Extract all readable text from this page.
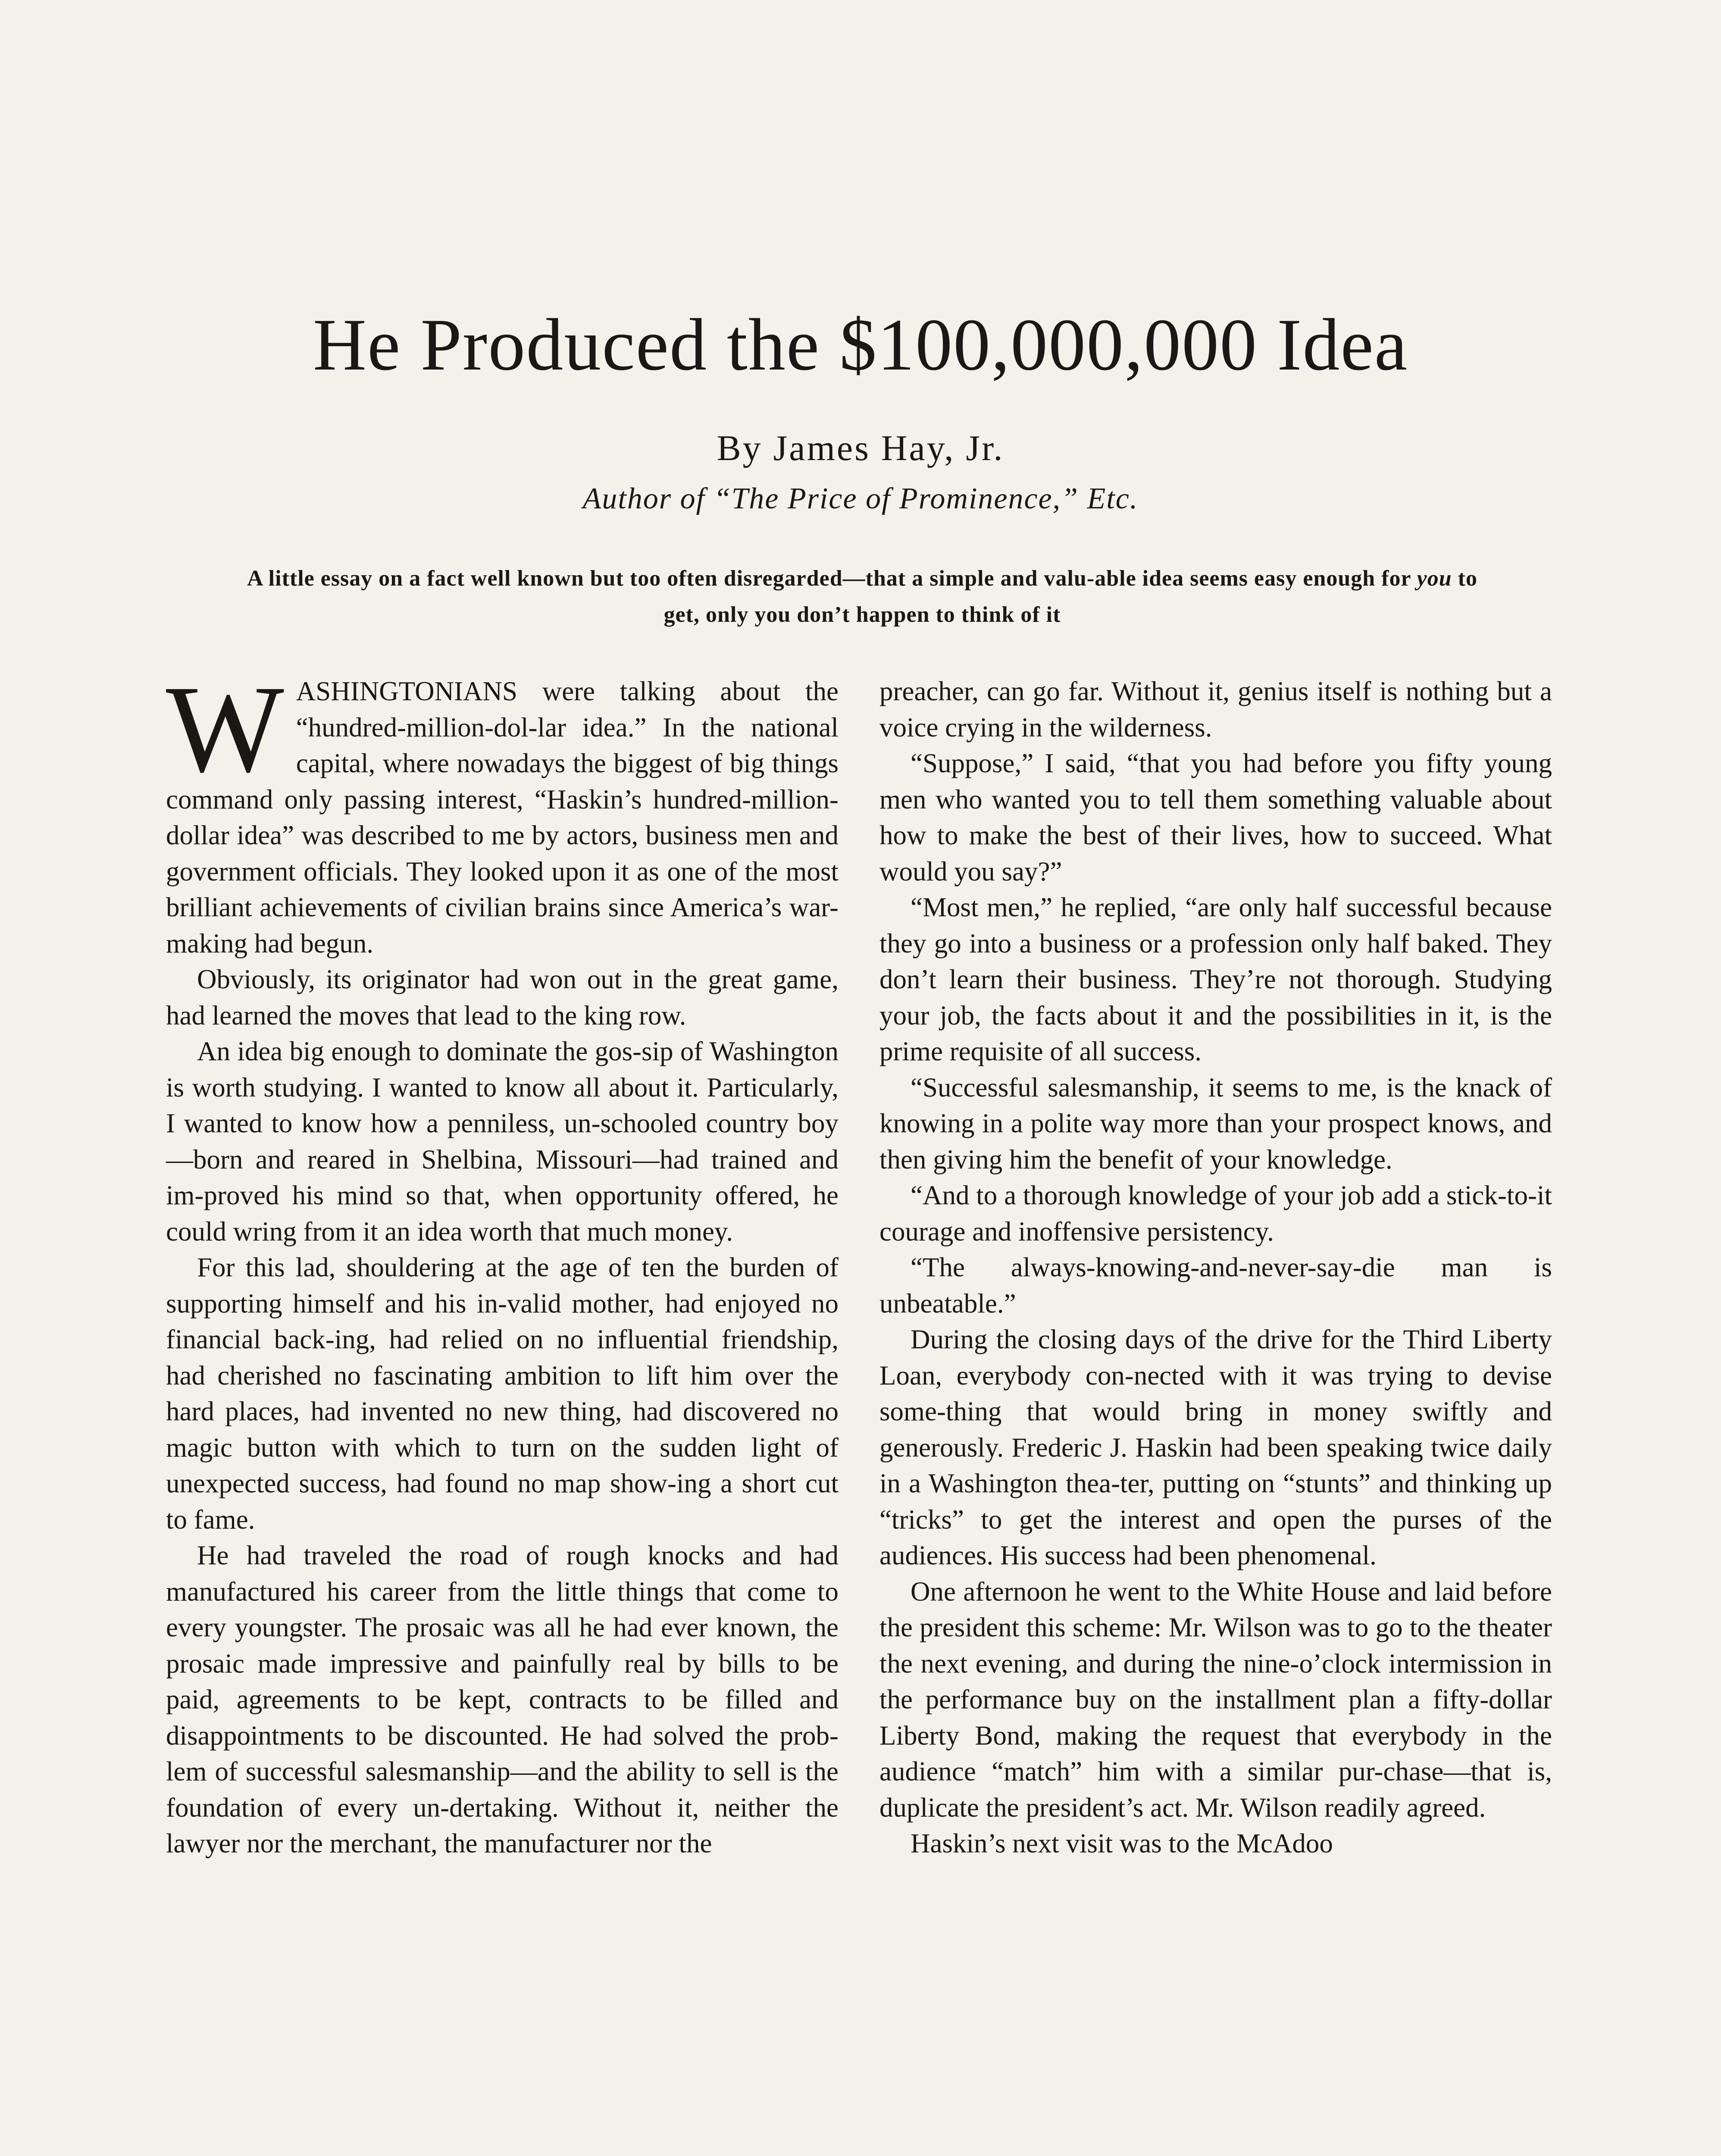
He Produced the $100,000,000 Idea
By James Hay, Jr.
Author of “The Price of Prominence,” Etc.
A little essay on a fact well known but too often disregarded—that a simple and valu-able idea seems easy enough for you to get, only you don’t happen to think of it

WASHINGTONIANS were talking about the “hundred-million-dol-lar idea.” In the national capital, where nowadays the biggest of big things command only passing interest, “Haskin’s hundred-million-dollar idea” was described to me by actors, business men and government officials. They looked upon it as one of the most brilliant achievements of civilian brains since America’s war-making had begun.

Obviously, its originator had won out in the great game, had learned the moves that lead to the king row.

An idea big enough to dominate the gos-sip of Washington is worth studying. I wanted to know all about it. Particularly, I wanted to know how a penniless, un-schooled country boy—born and reared in Shelbina, Missouri—had trained and im-proved his mind so that, when opportunity offered, he could wring from it an idea worth that much money.

For this lad, shouldering at the age of ten the burden of supporting himself and his in-valid mother, had enjoyed no financial back-ing, had relied on no influential friendship, had cherished no fascinating ambition to lift him over the hard places, had invented no new thing, had discovered no magic button with which to turn on the sudden light of unexpected success, had found no map show-ing a short cut to fame.

He had traveled the road of rough knocks and had manufactured his career from the little things that come to every youngster. The prosaic was all he had ever known, the prosaic made impressive and painfully real by bills to be paid, agreements to be kept, contracts to be filled and disappointments to be discounted. He had solved the prob-lem of successful salesmanship—and the ability to sell is the foundation of every un-dertaking. Without it, neither the lawyer nor the merchant, the manufacturer nor the

preacher, can go far. Without it, genius itself is nothing but a voice crying in the wilderness.

“Suppose,” I said, “that you had before you fifty young men who wanted you to tell them something valuable about how to make the best of their lives, how to succeed. What would you say?”

“Most men,” he replied, “are only half successful because they go into a business or a profession only half baked. They don’t learn their business. They’re not thorough. Studying your job, the facts about it and the possibilities in it, is the prime requisite of all success.

“Successful salesmanship, it seems to me, is the knack of knowing in a polite way more than your prospect knows, and then giving him the benefit of your knowledge.

“And to a thorough knowledge of your job add a stick-to-it courage and inoffensive persistency.

“The always-knowing-and-never-say-die man is unbeatable.”

During the closing days of the drive for the Third Liberty Loan, everybody con-nected with it was trying to devise some-thing that would bring in money swiftly and generously. Frederic J. Haskin had been speaking twice daily in a Washington thea-ter, putting on “stunts” and thinking up “tricks” to get the interest and open the purses of the audiences. His success had been phenomenal.

One afternoon he went to the White House and laid before the president this scheme: Mr. Wilson was to go to the theater the next evening, and during the nine-o’clock intermission in the performance buy on the installment plan a fifty-dollar Liberty Bond, making the request that everybody in the audience “match” him with a similar pur-chase—that is, duplicate the president’s act. Mr. Wilson readily agreed.

Haskin’s next visit was to the McAdoo
